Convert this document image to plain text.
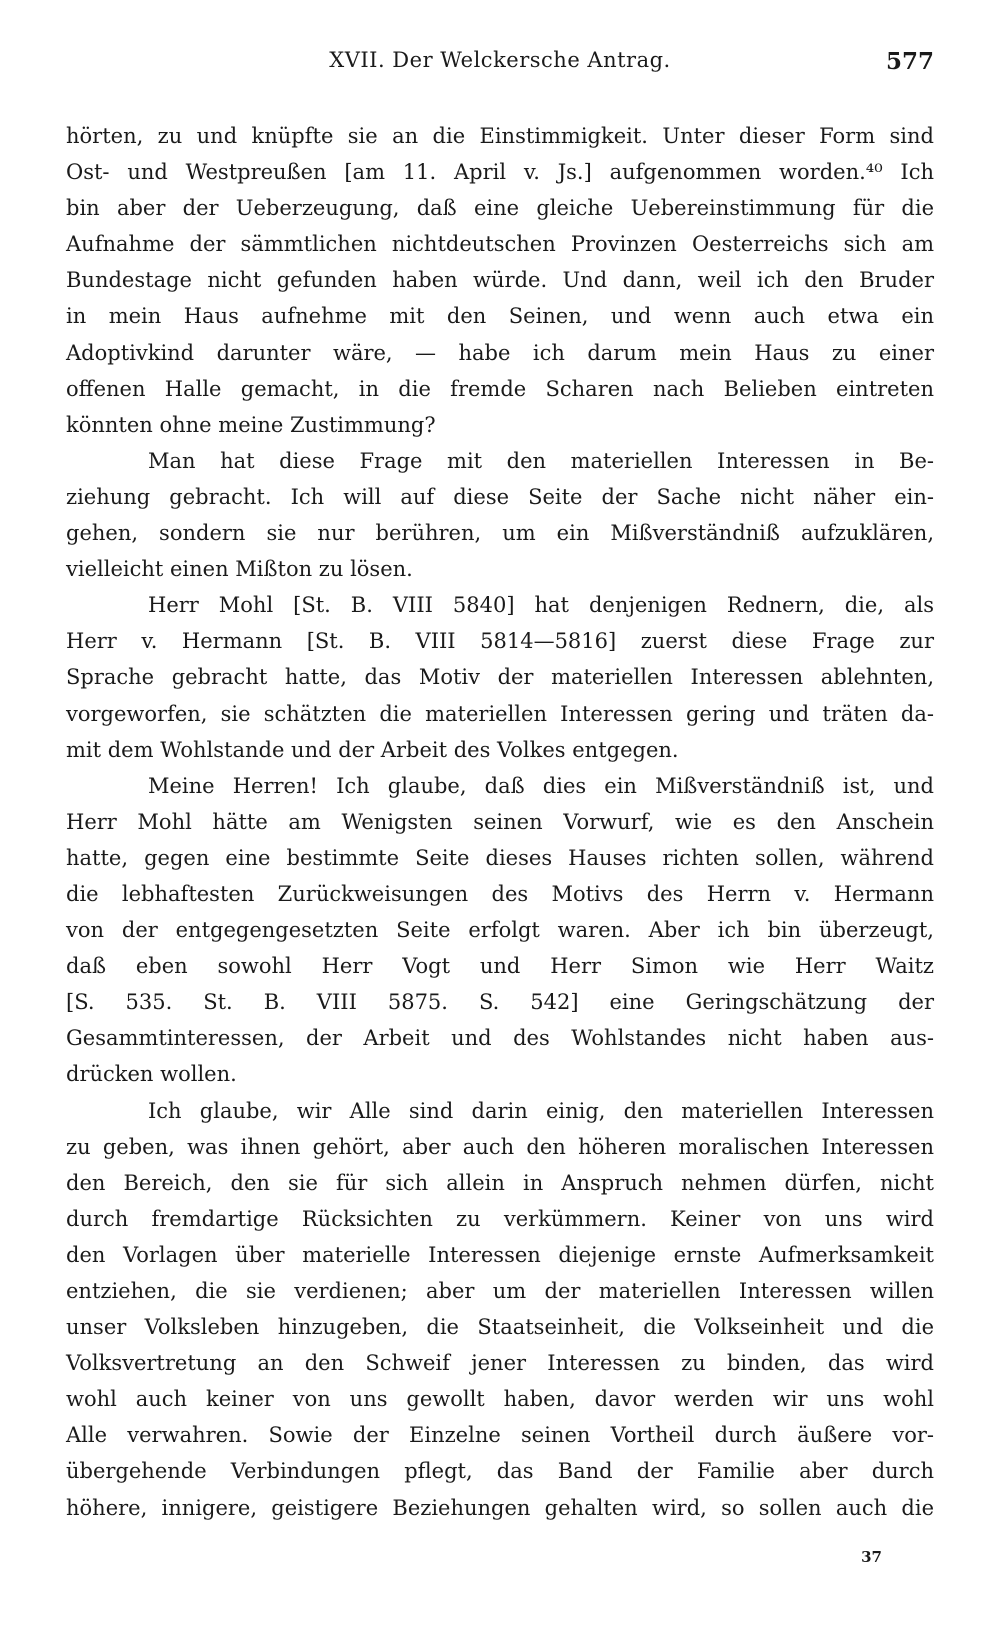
XVII. Der Welckersche Antrag.	577
hörten, zu und knüpfte sie an die Einstimmigkeit. Unter dieser Form sind
Ost- und Westpreußen [am 11. April v. Js.] aufgenommen worden.⁴⁰ Ich
bin aber der Ueberzeugung, daß eine gleiche Uebereinstimmung für die
Aufnahme der sämmtlichen nichtdeutschen Provinzen Oesterreichs sich am
Bundestage nicht gefunden haben würde. Und dann, weil ich den Bruder
in mein Haus aufnehme mit den Seinen, und wenn auch etwa ein
Adoptivkind darunter wäre, — habe ich darum mein Haus zu einer
offenen Halle gemacht, in die fremde Scharen nach Belieben eintreten
könnten ohne meine Zustimmung?
Man hat diese Frage mit den materiellen Interessen in Be-
ziehung gebracht. Ich will auf diese Seite der Sache nicht näher ein-
gehen, sondern sie nur berühren, um ein Mißverständniß aufzuklären,
vielleicht einen Mißton zu lösen.
Herr Mohl [St. B. VIII 5840] hat denjenigen Rednern, die, als
Herr v. Hermann [St. B. VIII 5814—5816] zuerst diese Frage zur
Sprache gebracht hatte, das Motiv der materiellen Interessen ablehnten,
vorgeworfen, sie schätzten die materiellen Interessen gering und träten da-
mit dem Wohlstande und der Arbeit des Volkes entgegen.
Meine Herren! Ich glaube, daß dies ein Mißverständniß ist, und
Herr Mohl hätte am Wenigsten seinen Vorwurf, wie es den Anschein
hatte, gegen eine bestimmte Seite dieses Hauses richten sollen, während
die lebhaftesten Zurückweisungen des Motivs des Herrn v. Hermann
von der entgegengesetzten Seite erfolgt waren. Aber ich bin überzeugt,
daß eben sowohl Herr Vogt und Herr Simon wie Herr Waitz
[S. 535. St. B. VIII 5875. S. 542] eine Geringschätzung der
Gesammtinteressen, der Arbeit und des Wohlstandes nicht haben aus-
drücken wollen.
Ich glaube, wir Alle sind darin einig, den materiellen Interessen
zu geben, was ihnen gehört, aber auch den höheren moralischen Interessen
den Bereich, den sie für sich allein in Anspruch nehmen dürfen, nicht
durch fremdartige Rücksichten zu verkümmern. Keiner von uns wird
den Vorlagen über materielle Interessen diejenige ernste Aufmerksamkeit
entziehen, die sie verdienen; aber um der materiellen Interessen willen
unser Volksleben hinzugeben, die Staatseinheit, die Volkseinheit und die
Volksvertretung an den Schweif jener Interessen zu binden, das wird
wohl auch keiner von uns gewollt haben, davor werden wir uns wohl
Alle verwahren. Sowie der Einzelne seinen Vortheil durch äußere vor-
übergehende Verbindungen pflegt, das Band der Familie aber durch
höhere, innigere, geistigere Beziehungen gehalten wird, so sollen auch die
37
